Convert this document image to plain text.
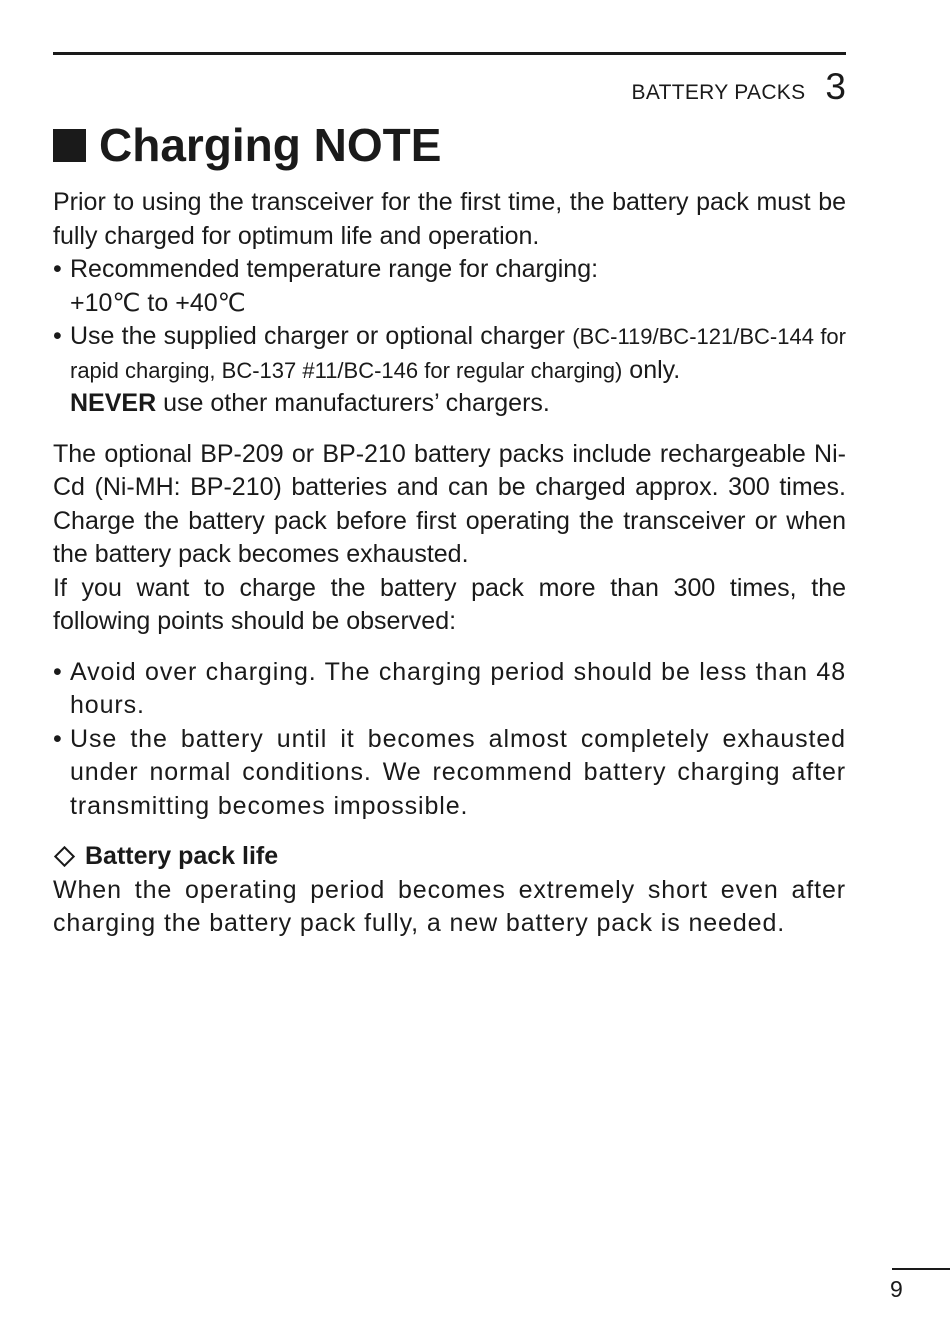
BATTERY PACKS 3
Charging NOTE

Prior to using the transceiver for the first time, the battery pack must be fully charged for optimum life and operation.

• Recommended temperature range for charging:
+10℃ to +40℃
• Use the supplied charger or optional charger (BC-119/BC-121/BC-144 for rapid charging, BC-137 #11/BC-146 for regular charging) only.
NEVER use other manufacturers’ chargers.

The optional BP-209 or BP-210 battery packs include rechargeable Ni-Cd (Ni-MH: BP-210) batteries and can be charged approx. 300 times. Charge the battery pack before first operating the transceiver or when the battery pack becomes exhausted.

If you want to charge the battery pack more than 300 times, the following points should be observed:

• Avoid over charging. The charging period should be less than 48 hours.
• Use the battery until it becomes almost completely exhausted under normal conditions. We recommend battery charging after transmitting becomes impossible.
Battery pack life

When the operating period becomes extremely short even after charging the battery pack fully, a new battery pack is needed.

9
